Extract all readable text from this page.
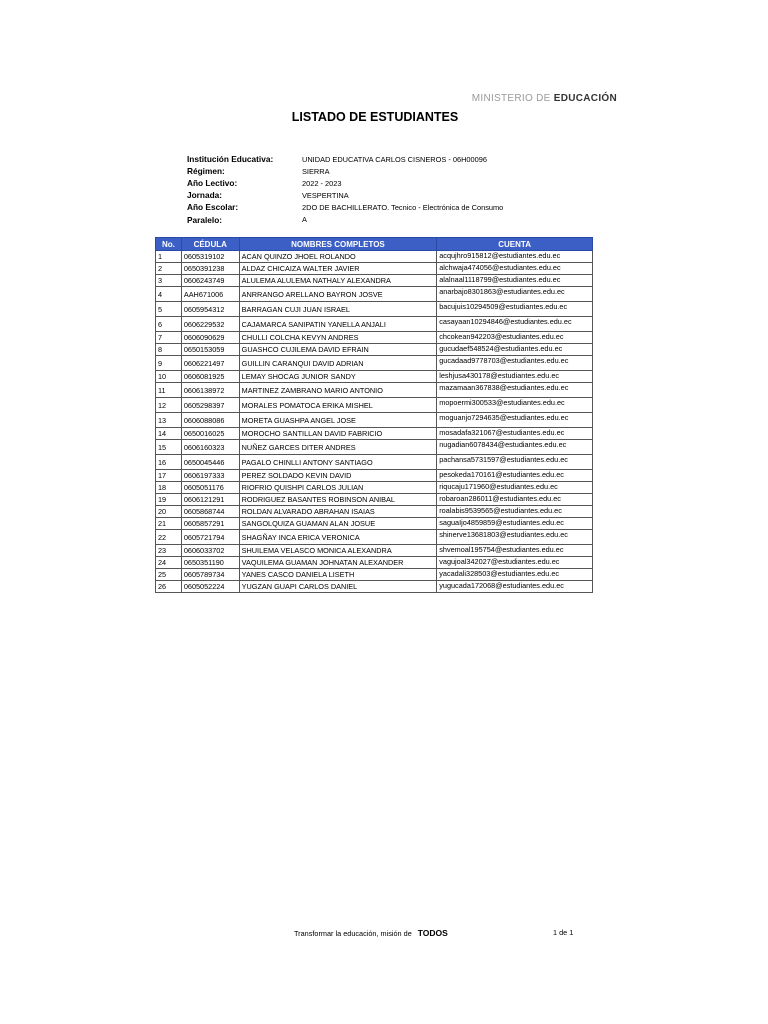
MINISTERIO DE EDUCACIÓN
LISTADO DE ESTUDIANTES
Institución Educativa:	UNIDAD EDUCATIVA CARLOS CISNEROS - 06H00096
Régimen:	SIERRA
Año Lectivo:	2022 - 2023
Jornada:	VESPERTINA
Año Escolar:	2DO DE BACHILLERATO. Tecnico - Electrónica de Consumo
Paralelo:	A
No.	CÉDULA	NOMBRES COMPLETOS	CUENTA
1	0605319102	ACAN QUINZO JHOEL ROLANDO	acqujhro915812@estudiantes.edu.ec
2	0650391238	ALDAZ CHICAIZA WALTER JAVIER	alchwaja474056@estudiantes.edu.ec
3	0606243749	ALULEMA ALULEMA NATHALY ALEXANDRA	alalnaal1118799@estudiantes.edu.ec
4	AAH671006	ANRRANGO ARELLANO BAYRON JOSVE	anarbajo8301863@estudiantes.edu.ec
5	0605954312	BARRAGAN CUJI JUAN ISRAEL	bacujuis10294509@estudiantes.edu.ec
6	0606229532	CAJAMARCA SANIPATIN YANELLA ANJALI	casayaan10294846@estudiantes.edu.ec
7	0606090629	CHULLI COLCHA KEVYN ANDRES	chcokean942203@estudiantes.edu.ec
8	0650153059	GUASHCO CUJILEMA DAVID EFRAIN	gucudaef548524@estudiantes.edu.ec
9	0606221497	GUILLIN CARANQUI DAVID ADRIAN	gucadaad9778703@estudiantes.edu.ec
10	0606081925	LEMAY SHOCAG JUNIOR SANDY	leshjusa430178@estudiantes.edu.ec
11	0606138972	MARTINEZ ZAMBRANO MARIO ANTONIO	mazamaan367838@estudiantes.edu.ec
12	0605298397	MORALES POMATOCA ERIKA MISHEL	mopoermi300533@estudiantes.edu.ec
13	0606088086	MORETA GUASHPA ANGEL JOSE	moguanjo7294635@estudiantes.edu.ec
14	0650016025	MOROCHO SANTILLAN DAVID FABRICIO	mosadafa321067@estudiantes.edu.ec
15	0606160323	NUÑEZ GARCES DITER ANDRES	nugadian6078434@estudiantes.edu.ec
16	0650045446	PAGALO CHINLLI ANTONY SANTIAGO	pachansa5731597@estudiantes.edu.ec
17	0606197333	PEREZ SOLDADO KEVIN DAVID	pesokeda170161@estudiantes.edu.ec
18	0605051176	RIOFRIO QUISHPI CARLOS JULIAN	riqucaju171960@estudiantes.edu.ec
19	0606121291	RODRIGUEZ BASANTES ROBINSON ANIBAL	robaroan286011@estudiantes.edu.ec
20	0605868744	ROLDAN ALVARADO ABRAHAN ISAIAS	roalabis9539565@estudiantes.edu.ec
21	0605857291	SANGOLQUIZA GUAMAN ALAN JOSUE	saguaIjo4859859@estudiantes.edu.ec
22	0605721794	SHAGÑAY INCA ERICA VERONICA	shinerve13681803@estudiantes.edu.ec
23	0606033702	SHUILEMA VELASCO MONICA ALEXANDRA	shvemoal195754@estudiantes.edu.ec
24	0650351190	VAQUILEMA GUAMAN JOHNATAN ALEXANDER	vagujoal342027@estudiantes.edu.ec
25	0605789734	YANES CASCO DANIELA LISETH	yacadali328503@estudiantes.edu.ec
26	0605052224	YUGZAN GUAPI CARLOS DANIEL	yugucada172068@estudiantes.edu.ec
Transformar la educación, misión de TODOS	1 de 1
